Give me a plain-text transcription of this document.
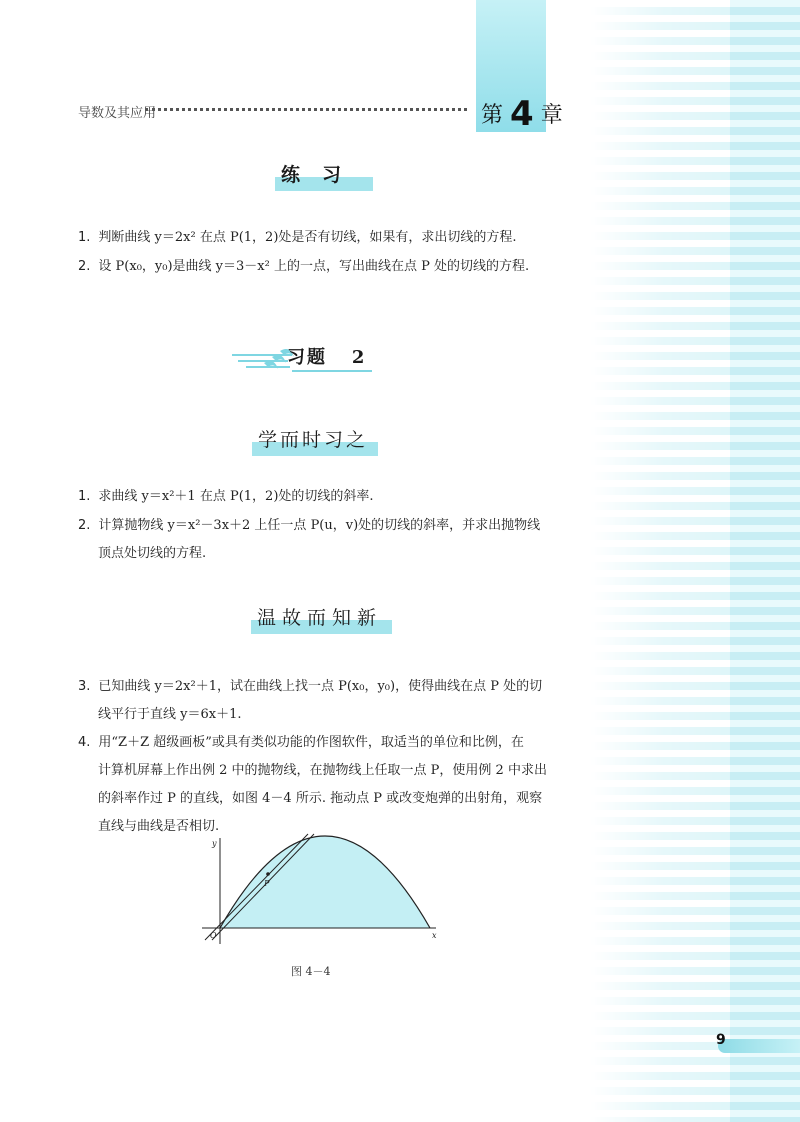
导数及其应用	第 4 章
练习
1. 判断曲线 y＝2x² 在点 P(1，2)处是否有切线，如果有，求出切线的方程.
2. 设 P(x₀，y₀)是曲线 y＝3－x² 上的一点，写出曲线在点 P 处的切线的方程.
习题 2
学而时习之
1. 求曲线 y＝x²＋1 在点 P(1，2)处的切线的斜率.
2. 计算抛物线 y＝x²－3x＋2 上任一点 P(u，v)处的切线的斜率，并求出抛物线
顶点处切线的方程.
温故而知新
3. 已知曲线 y＝2x²＋1，试在曲线上找一点 P(x₀，y₀)，使得曲线在点 P 处的切
线平行于直线 y＝6x＋1.
4. 用“Z＋Z 超级画板”或具有类似功能的作图软件，取适当的单位和比例，在
计算机屏幕上作出例 2 中的抛物线，在抛物线上任取一点 P，使用例 2 中求出
的斜率作过 P 的直线，如图 4－4 所示. 拖动点 P 或改变炮弹的出射角，观察
直线与曲线是否相切.
P
y
x
O
图 4－4
9
